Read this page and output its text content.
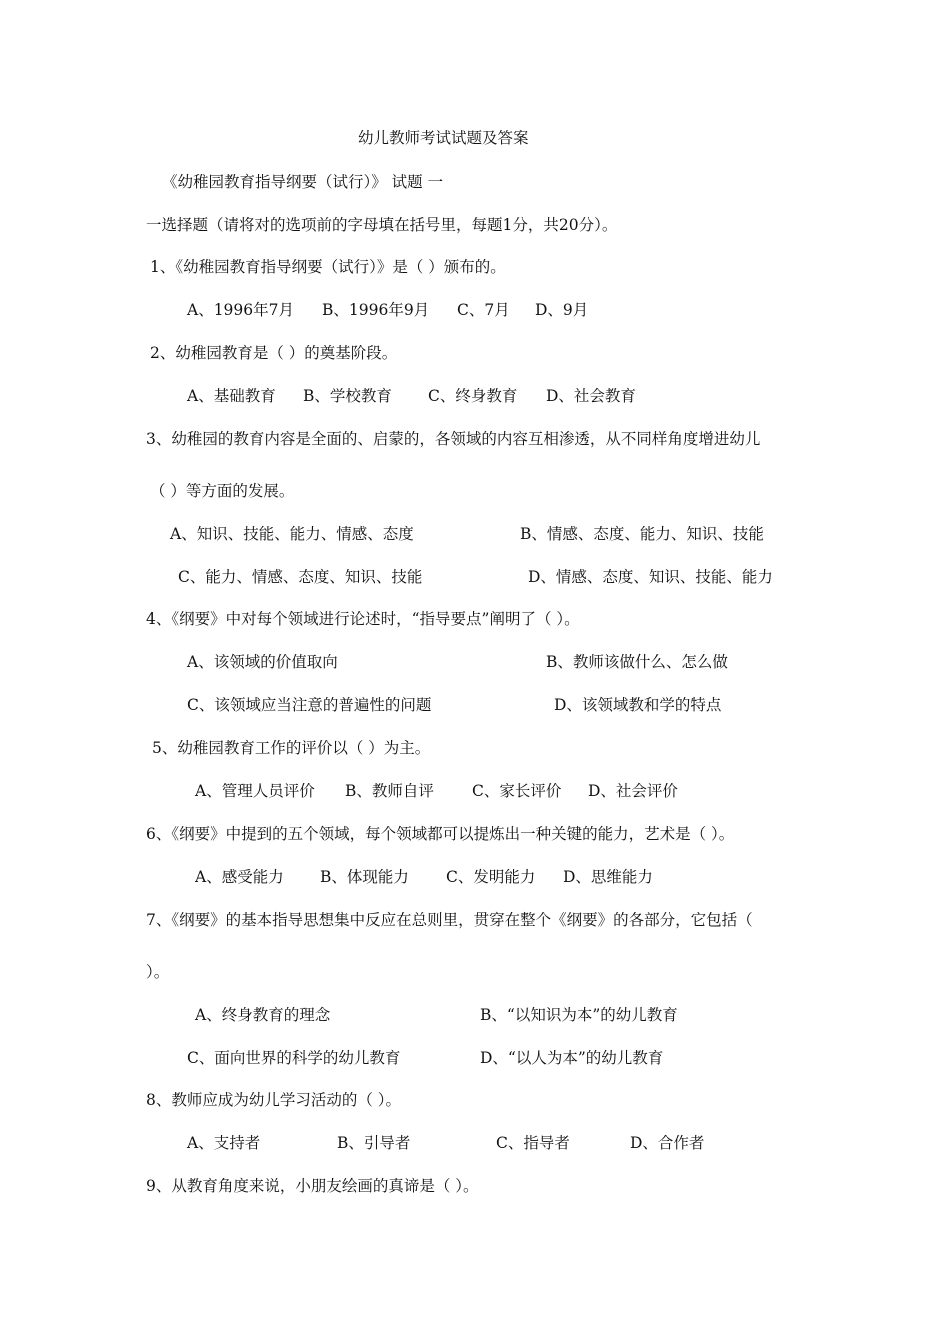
幼儿教师考试试题及答案
《幼稚园教育指导纲要（试行）》 试题 一
一选择题（请将对的选项前的字母填在括号里，每题1分，共20分）。
1、《幼稚园教育指导纲要（试行）》是（ ）颁布的。
A、1996年7月 B、1996年9月 C、7月 D、9月
2、幼稚园教育是（ ）的奠基阶段。
A、基础教育 B、学校教育 C、终身教育 D、社会教育
3、幼稚园的教育内容是全面的、启蒙的，各领域的内容互相渗透，从不同样角度增进幼儿
（ ）等方面的发展。
A、知识、技能、能力、情感、态度	B、情感、态度、能力、知识、技能
C、能力、情感、态度、知识、技能	D、情感、态度、知识、技能、能力
4、《纲要》中对每个领域进行论述时，“指导要点”阐明了（ ）。
A、该领域的价值取向	B、教师该做什么、怎么做
C、该领域应当注意的普遍性的问题	D、该领域教和学的特点
5、幼稚园教育工作的评价以（ ）为主。
A、管理人员评价 B、教师自评 C、家长评价 D、社会评价
6、《纲要》中提到的五个领域，每个领域都可以提炼出一种关键的能力，艺术是（ ）。
A、感受能力 B、体现能力 C、发明能力 D、思维能力
7、《纲要》的基本指导思想集中反应在总则里，贯穿在整个《纲要》的各部分，它包括（
）。
A、终身教育的理念	B、“以知识为本”的幼儿教育
C、面向世界的科学的幼儿教育	D、“以人为本”的幼儿教育
8、教师应成为幼儿学习活动的（ ）。
A、支持者	B、引导者	C、指导者	D、合作者
9、从教育角度来说，小朋友绘画的真谛是（ ）。
